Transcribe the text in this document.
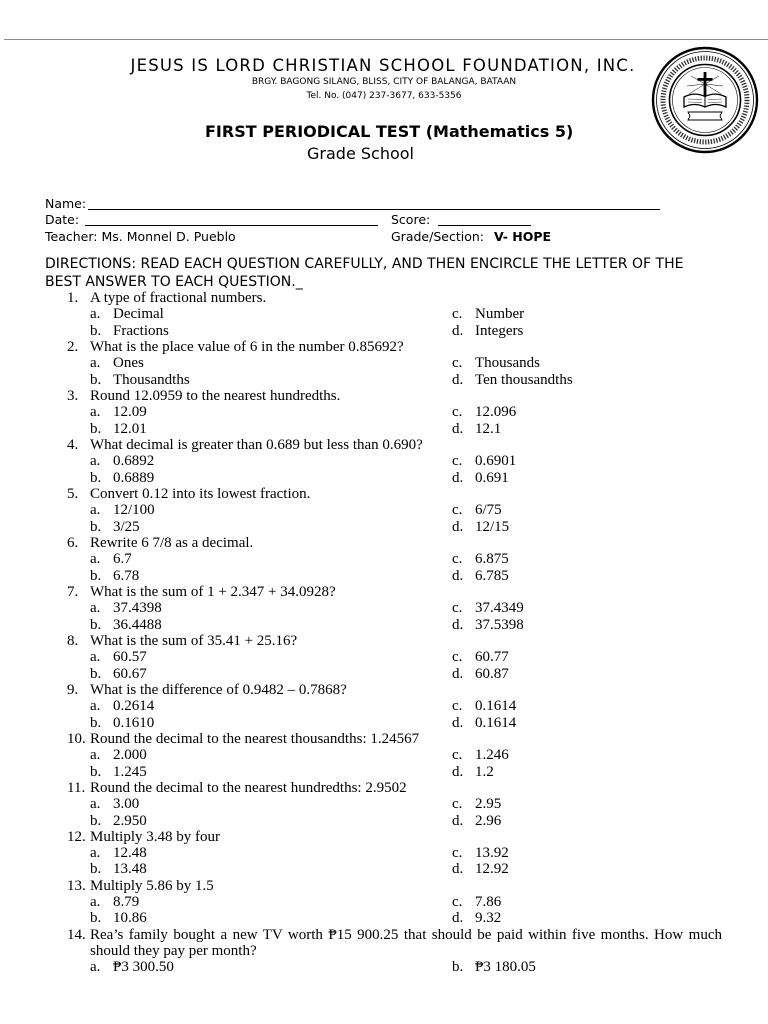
JESUS IS LORD CHRISTIAN SCHOOL FOUNDATION, INC.
BRGY. BAGONG SILANG, BLISS, CITY OF BALANGA, BATAAN
Tel. No. (047) 237-3677, 633-5356
FIRST PERIODICAL TEST (Mathematics 5)
Grade School
Name:
Date:	Score:
Teacher: Ms. Monnel D. Pueblo	Grade/Section: V- HOPE
DIRECTIONS: READ EACH QUESTION CAREFULLY, AND THEN ENCIRCLE THE LETTER OF THE BEST ANSWER TO EACH QUESTION._
1. A type of fractional numbers.
a. Decimal	c. Number
b. Fractions	d. Integers
2. What is the place value of 6 in the number 0.85692?
a. Ones	c. Thousands
b. Thousandths	d. Ten thousandths
3. Round 12.0959 to the nearest hundredths.
a. 12.09	c. 12.096
b. 12.01	d. 12.1
4. What decimal is greater than 0.689 but less than 0.690?
a. 0.6892	c. 0.6901
b. 0.6889	d. 0.691
5. Convert 0.12 into its lowest fraction.
a. 12/100	c. 6/75
b. 3/25	d. 12/15
6. Rewrite 6 7/8 as a decimal.
a. 6.7	c. 6.875
b. 6.78	d. 6.785
7. What is the sum of 1 + 2.347 + 34.0928?
a. 37.4398	c. 37.4349
b. 36.4488	d. 37.5398
8. What is the sum of 35.41 + 25.16?
a. 60.57	c. 60.77
b. 60.67	d. 60.87
9. What is the difference of 0.9482 – 0.7868?
a. 0.2614	c. 0.1614
b. 0.1610	d. 0.1614
10. Round the decimal to the nearest thousandths: 1.24567
a. 2.000	c. 1.246
b. 1.245	d. 1.2
11. Round the decimal to the nearest hundredths: 2.9502
a. 3.00	c. 2.95
b. 2.950	d. 2.96
12. Multiply 3.48 by four
a. 12.48	c. 13.92
b. 13.48	d. 12.92
13. Multiply 5.86 by 1.5
a. 8.79	c. 7.86
b. 10.86	d. 9.32
14. Rea’s family bought a new TV worth ₱15 900.25 that should be paid within five months. How much should they pay per month?
a. ₱3 300.50	b. ₱3 180.05
